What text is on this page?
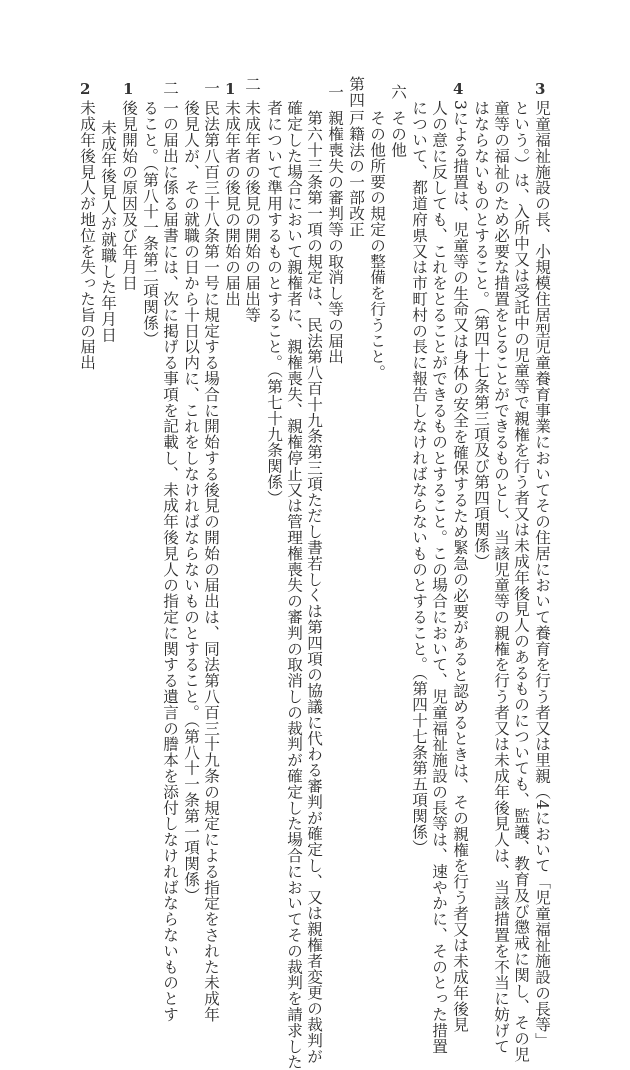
3
児童福祉施設の長、小規模住居型児童養育事業においてその住居において養育を行う者又は里親（4において「児童福祉施設の長等」
という。）は、入所中又は受託中の児童等で親権を行う者又は未成年後見人のあるものについても、監護、教育及び懲戒に関し、その児
童等の福祉のため必要な措置をとることができるものとし、当該児童等の親権を行う者又は未成年後見人は、当該措置を不当に妨げて
はならないものとすること。（第四十七条第三項及び第四項関係）
4
3による措置は、児童等の生命又は身体の安全を確保するため緊急の必要があると認めるときは、その親権を行う者又は未成年後見
人の意に反しても、これをとることができるものとすること。この場合において、児童福祉施設の長等は、速やかに、そのとった措置
について、都道府県又は市町村の長に報告しなければならないものとすること。（第四十七条第五項関係）
六
その他
その他所要の規定の整備を行うこと。
第四
戸籍法の一部改正
一
親権喪失の審判等の取消し等の届出
第六十三条第一項の規定は、民法第八百十九条第三項ただし書若しくは第四項の協議に代わる審判が確定し、又は親権者変更の裁判が
確定した場合において親権者に、親権喪失、親権停止又は管理権喪失の審判の取消しの裁判が確定した場合においてその裁判を請求した
者について準用するものとすること。（第七十九条関係）
二
未成年者の後見の開始の届出等
1
未成年者の後見の開始の届出
一
民法第八百三十八条第一号に規定する場合に開始する後見の開始の届出は、同法第八百三十九条の規定による指定をされた未成年
後見人が、その就職の日から十日以内に、これをしなければならないものとすること。（第八十一条第一項関係）
二
一の届出に係る届書には、次に掲げる事項を記載し、未成年後見人の指定に関する遺言の謄本を添付しなければならないものとす
ること。（第八十一条第二項関係）
1
後見開始の原因及び年月日
未成年後見人が就職した年月日
2
未成年後見人が地位を失った旨の届出
